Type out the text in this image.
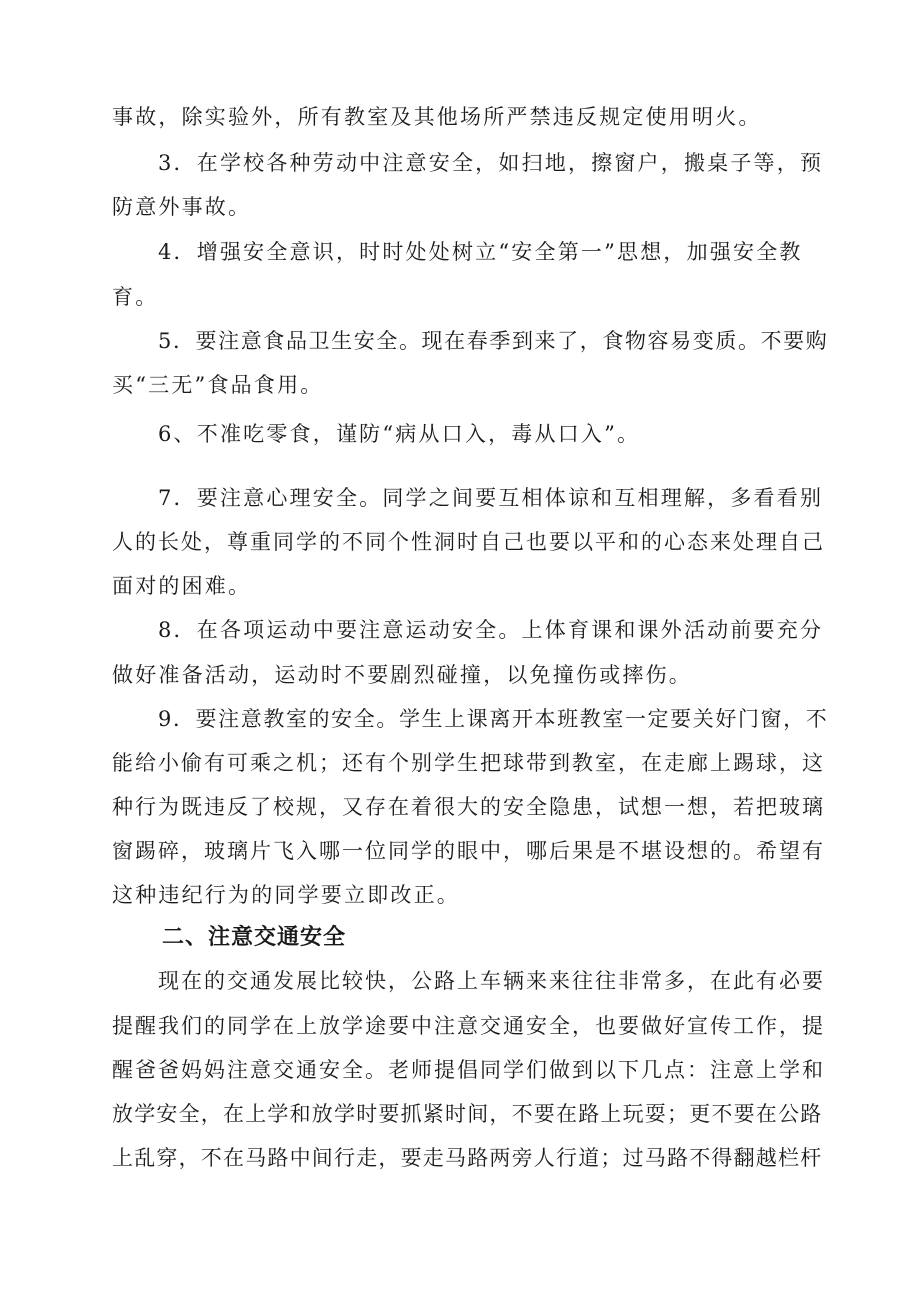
事故，除实验外，所有教室及其他场所严禁违反规定使用明火。
3．在学校各种劳动中注意安全，如扫地，擦窗户，搬桌子等，预
防意外事故。
4．增强安全意识，时时处处树立“安全第一”思想，加强安全教
育。
5．要注意食品卫生安全。现在春季到来了，食物容易变质。不要购
买“三无”食品食用。
6、不准吃零食，谨防“病从口入，毒从口入”。
7．要注意心理安全。同学之间要互相体谅和互相理解，多看看别
人的长处，尊重同学的不同个性洞时自己也要以平和的心态来处理自己
面对的困难。
8．在各项运动中要注意运动安全。上体育课和课外活动前要充分
做好准备活动，运动时不要剧烈碰撞，以免撞伤或摔伤。
9．要注意教室的安全。学生上课离开本班教室一定要关好门窗，不
能给小偷有可乘之机；还有个别学生把球带到教室，在走廊上踢球，这
种行为既违反了校规，又存在着很大的安全隐患，试想一想，若把玻璃
窗踢碎，玻璃片飞入哪一位同学的眼中，哪后果是不堪设想的。希望有
这种违纪行为的同学要立即改正。
二、注意交通安全
现在的交通发展比较快，公路上车辆来来往往非常多，在此有必要
提醒我们的同学在上放学途要中注意交通安全，也要做好宣传工作，提
醒爸爸妈妈注意交通安全。老师提倡同学们做到以下几点：注意上学和
放学安全，在上学和放学时要抓紧时间，不要在路上玩耍；更不要在公路
上乱穿，不在马路中间行走，要走马路两旁人行道；过马路不得翻越栏杆
